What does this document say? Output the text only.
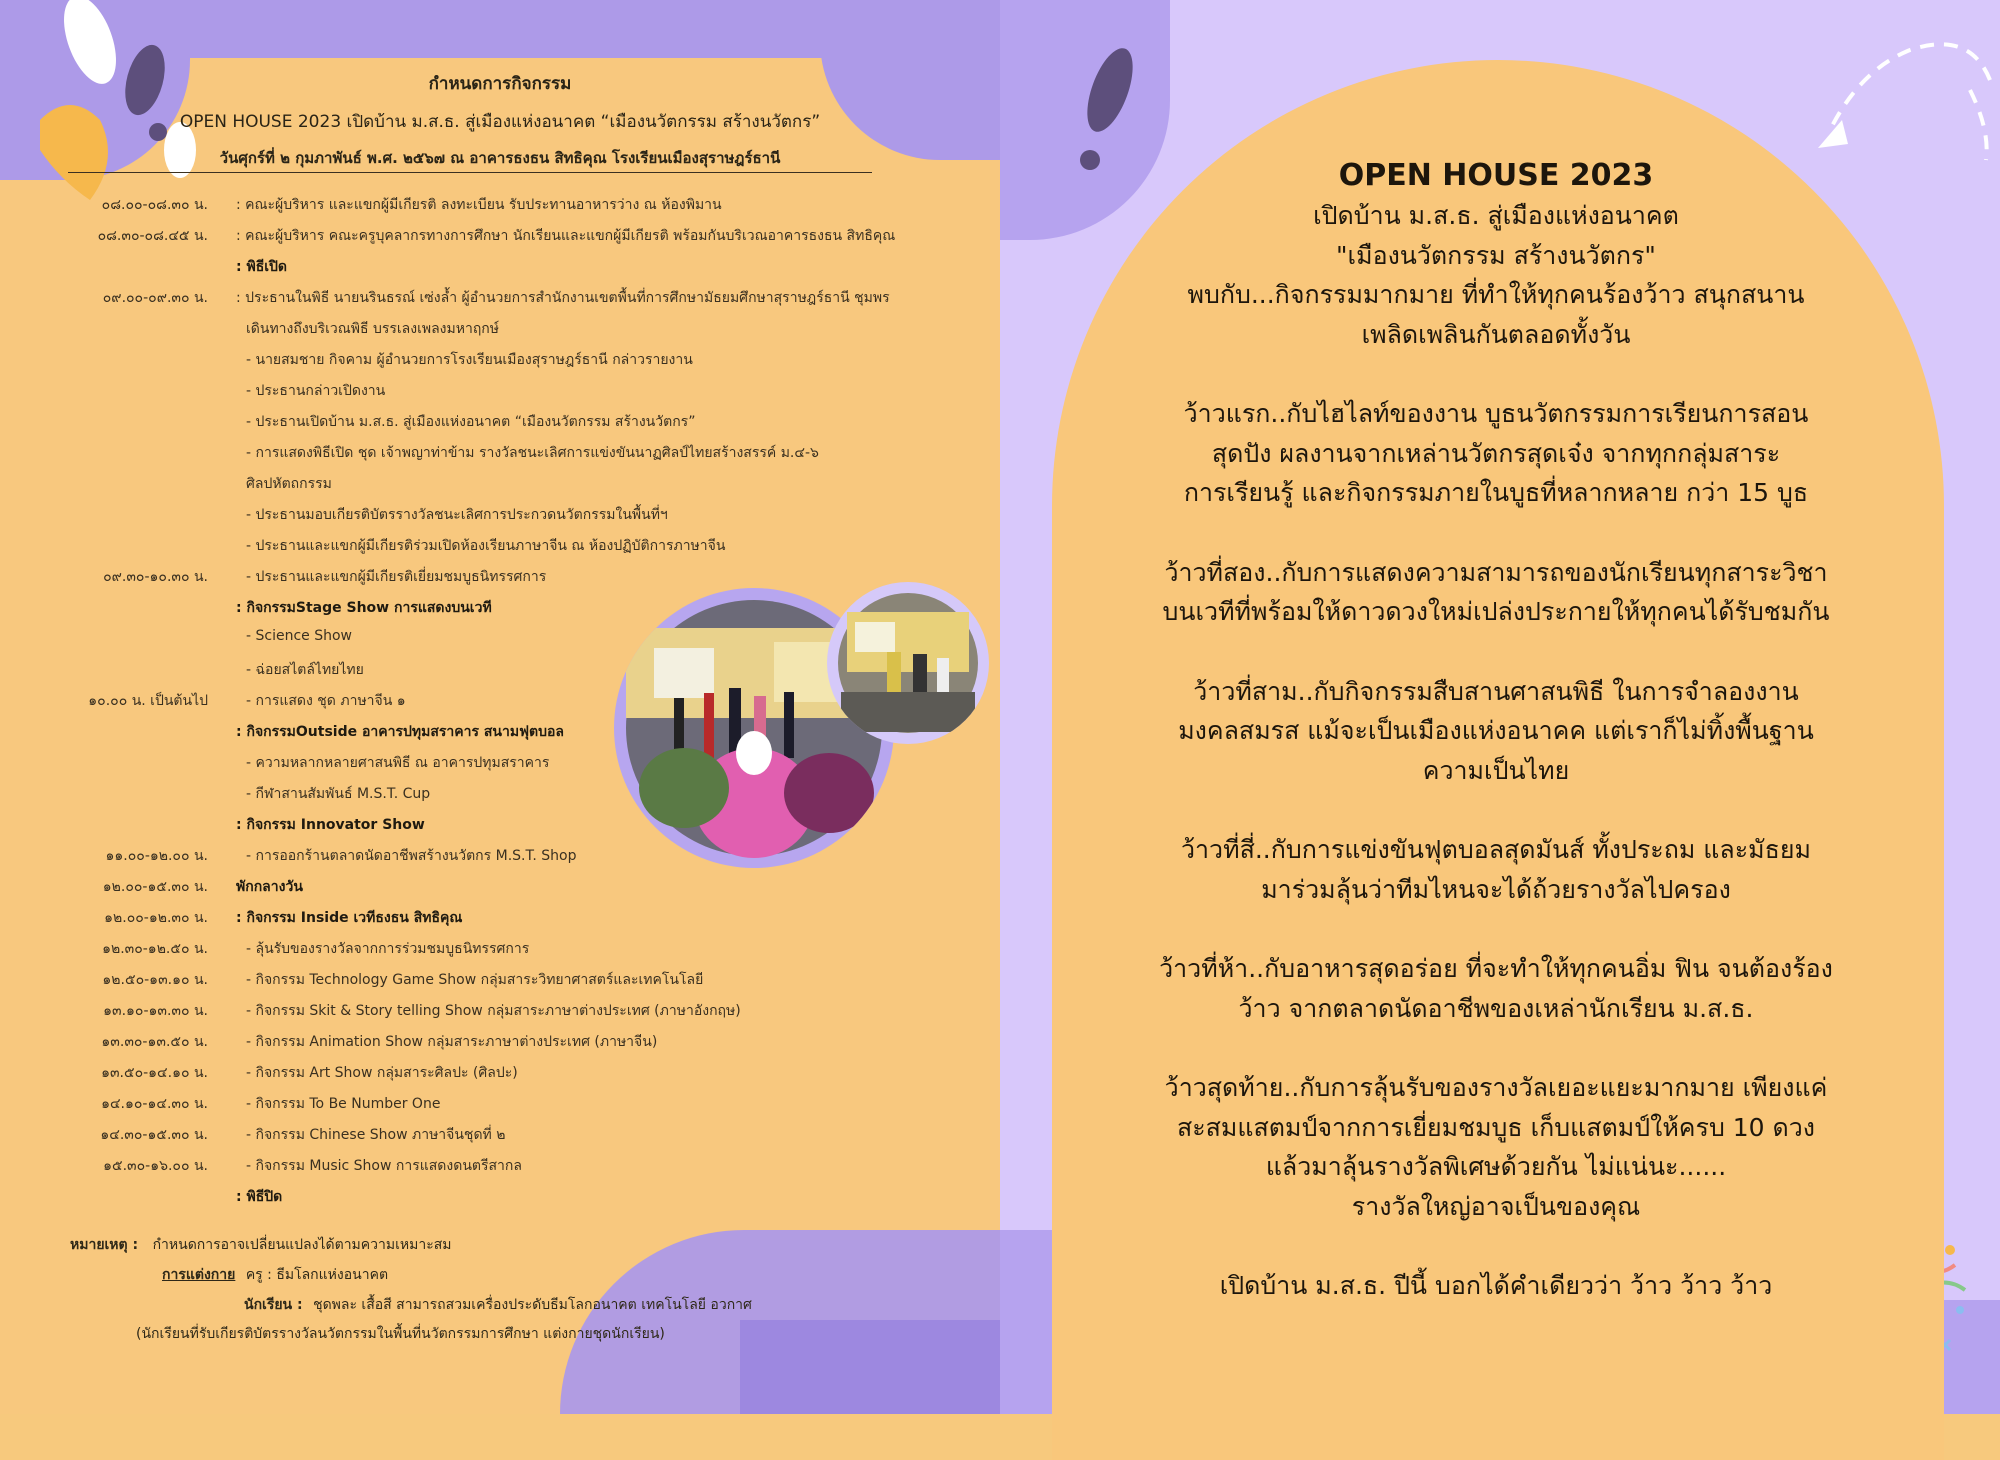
กำหนดการกิจกรรม
OPEN HOUSE 2023 เปิดบ้าน ม.ส.ธ. สู่เมืองแห่งอนาคต “เมืองนวัตกรรม สร้างนวัตกร”
วันศุกร์ที่ ๒ กุมภาพันธ์ พ.ศ. ๒๕๖๗ ณ อาคารธงธน สิทธิคุณ โรงเรียนเมืองสุราษฎร์ธานี
๐๘.๐๐-๐๘.๓๐ น. : คณะผู้บริหาร และแขกผู้มีเกียรติ ลงทะเบียน รับประทานอาหารว่าง ณ ห้องพิมาน
๐๘.๓๐-๐๘.๔๕ น. : คณะผู้บริหาร คณะครูบุคลากรทางการศึกษา นักเรียนและแขกผู้มีเกียรติ พร้อมกันบริเวณอาคารธงธน สิทธิคุณ
: พิธีเปิด
๐๙.๐๐-๐๙.๓๐ น. : ประธานในพิธี นายนรินธรณ์ เซ่งล้ำ ผู้อำนวยการสำนักงานเขตพื้นที่การศึกษามัธยมศึกษาสุราษฎร์ธานี ชุมพร
เดินทางถึงบริเวณพิธี บรรเลงเพลงมหาฤกษ์
- นายสมชาย กิจคาม ผู้อำนวยการโรงเรียนเมืองสุราษฎร์ธานี กล่าวรายงาน
- ประธานกล่าวเปิดงาน
- ประธานเปิดบ้าน ม.ส.ธ. สู่เมืองแห่งอนาคต “เมืองนวัตกรรม สร้างนวัตกร”
- การแสดงพิธีเปิด ชุด เจ้าพญาท่าข้าม รางวัลชนะเลิศการแข่งขันนาฏศิลป์ไทยสร้างสรรค์ ม.๔-๖
ศิลปหัตถกรรม
- ประธานมอบเกียรติบัตรรางวัลชนะเลิศการประกวดนวัตกรรมในพื้นที่ฯ
- ประธานและแขกผู้มีเกียรติร่วมเปิดห้องเรียนภาษาจีน ณ ห้องปฏิบัติการภาษาจีน
๐๙.๓๐-๑๐.๓๐ น.	- ประธานและแขกผู้มีเกียรติเยี่ยมชมบูธนิทรรศการ
: กิจกรรมStage Show การแสดงบนเวที
- Science Show
- ฉ่อยสไตล์ไทยไทย
๑๐.๐๐ น. เป็นต้นไป	- การแสดง ชุด ภาษาจีน ๑
: กิจกรรมOutside อาคารปทุมสราคาร สนามฟุตบอล
- ความหลากหลายศาสนพิธี ณ อาคารปทุมสราคาร
- กีฬาสานสัมพันธ์ M.S.T. Cup
: กิจกรรม Innovator Show
๑๑.๐๐-๑๒.๐๐ น.	- การออกร้านตลาดนัดอาชีพสร้างนวัตกร M.S.T. Shop
๑๒.๐๐-๑๕.๓๐ น. พักกลางวัน
๑๒.๐๐-๑๒.๓๐ น. : กิจกรรม Inside เวทีธงธน สิทธิคุณ
๑๒.๓๐-๑๒.๕๐ น.	- ลุ้นรับของรางวัลจากการร่วมชมบูธนิทรรศการ
๑๒.๕๐-๑๓.๑๐ น.	- กิจกรรม Technology Game Show กลุ่มสาระวิทยาศาสตร์และเทคโนโลยี
๑๓.๑๐-๑๓.๓๐ น.	- กิจกรรม Skit & Story telling Show กลุ่มสาระภาษาต่างประเทศ (ภาษาอังกฤษ)
๑๓.๓๐-๑๓.๕๐ น.	- กิจกรรม Animation Show กลุ่มสาระภาษาต่างประเทศ (ภาษาจีน)
๑๓.๕๐-๑๔.๑๐ น.	- กิจกรรม Art Show กลุ่มสาระศิลปะ (ศิลปะ)
๑๔.๑๐-๑๔.๓๐ น.	- กิจกรรม To Be Number One
๑๔.๓๐-๑๕.๓๐ น.	- กิจกรรม Chinese Show ภาษาจีนชุดที่ ๒
๑๕.๓๐-๑๖.๐๐ น.	- กิจกรรม Music Show การแสดงดนตรีสากล
: พิธีปิด
หมายเหตุ : กำหนดการอาจเปลี่ยนแปลงได้ตามความเหมาะสม
การแต่งกาย ครู : ธีมโลกแห่งอนาคต
นักเรียน : ชุดพละ เสื้อสี สามารถสวมเครื่องประดับธีมโลกอนาคต เทคโนโลยี อวกาศ
(นักเรียนที่รับเกียรติบัตรรางวัลนวัตกรรมในพื้นที่นวัตกรรมการศึกษา แต่งกายชุดนักเรียน)
OPEN HOUSE 2023
เปิดบ้าน ม.ส.ธ. สู่เมืองแห่งอนาคต
"เมืองนวัตกรรม สร้างนวัตกร"
พบกับ...กิจกรรมมากมาย ที่ทำให้ทุกคนร้องว้าว สนุกสนาน
เพลิดเพลินกันตลอดทั้งวัน
ว้าวแรก..กับไฮไลท์ของงาน บูธนวัตกรรมการเรียนการสอน
สุดปัง ผลงานจากเหล่านวัตกรสุดเจ๋ง จากทุกกลุ่มสาระ
การเรียนรู้ และกิจกรรมภายในบูธที่หลากหลาย กว่า 15 บูธ
ว้าวที่สอง..กับการแสดงความสามารถของนักเรียนทุกสาระวิชา
บนเวทีที่พร้อมให้ดาวดวงใหม่เปล่งประกายให้ทุกคนได้รับชมกัน
ว้าวที่สาม..กับกิจกรรมสืบสานศาสนพิธี ในการจำลองงาน
มงคลสมรส แม้จะเป็นเมืองแห่งอนาคค แต่เราก็ไม่ทิ้งพื้นฐาน
ความเป็นไทย
ว้าวที่สี่..กับการแข่งขันฟุตบอลสุดมันส์ ทั้งประถม และมัธยม
มาร่วมลุ้นว่าทีมไหนจะได้ถ้วยรางวัลไปครอง
ว้าวที่ห้า..กับอาหารสุดอร่อย ที่จะทำให้ทุกคนอิ่ม ฟิน จนต้องร้อง
ว้าว จากตลาดนัดอาชีพของเหล่านักเรียน ม.ส.ธ.
ว้าวสุดท้าย..กับการลุ้นรับของรางวัลเยอะแยะมากมาย เพียงแค่
สะสมแสตมป์จากการเยี่ยมชมบูธ เก็บแสตมป์ให้ครบ 10 ดวง
แล้วมาลุ้นรางวัลพิเศษด้วยกัน ไม่แน่นะ......
รางวัลใหญ่อาจเป็นของคุณ
เปิดบ้าน ม.ส.ธ. ปีนี้ บอกได้คำเดียวว่า ว้าว ว้าว ว้าว
